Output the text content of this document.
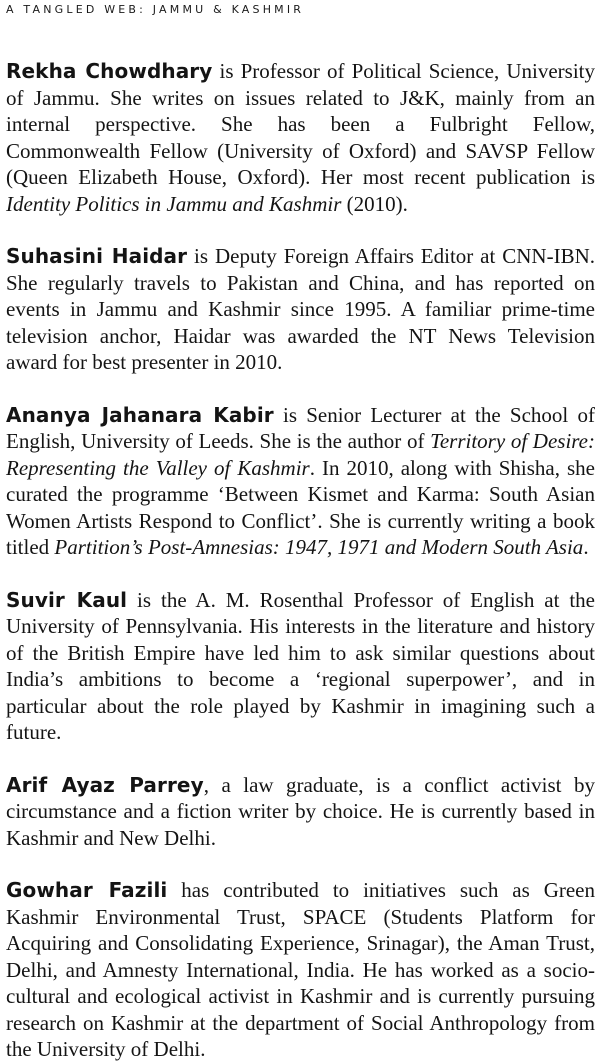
A TANGLED WEB: JAMMU & KASHMIR

Rekha Chowdhary is Professor of Political Science, University of Jammu. She writes on issues related to J&K, mainly from an internal perspective. She has been a Fulbright Fellow, Commonwealth Fellow (University of Oxford) and SAVSP Fellow (Queen Elizabeth House, Oxford). Her most recent publication is Identity Politics in Jammu and Kashmir (2010).

Suhasini Haidar is Deputy Foreign Affairs Editor at CNN-IBN. She regularly travels to Pakistan and China, and has reported on events in Jammu and Kashmir since 1995. A familiar prime-time television anchor, Haidar was awarded the NT News Television award for best presenter in 2010.

Ananya Jahanara Kabir is Senior Lecturer at the School of English, University of Leeds. She is the author of Territory of Desire: Representing the Valley of Kashmir. In 2010, along with Shisha, she curated the programme ‘Between Kismet and Karma: South Asian Women Artists Respond to Conflict’. She is currently writing a book titled Partition’s Post-Amnesias: 1947, 1971 and Modern South Asia.

Suvir Kaul is the A. M. Rosenthal Professor of English at the University of Pennsylvania. His interests in the literature and history of the British Empire have led him to ask similar questions about India’s ambitions to become a ‘regional superpower’, and in particular about the role played by Kashmir in imagining such a future.

Arif Ayaz Parrey, a law graduate, is a conflict activist by circumstance and a fiction writer by choice. He is currently based in Kashmir and New Delhi.

Gowhar Fazili has contributed to initiatives such as Green Kashmir Environmental Trust, SPACE (Students Platform for Acquiring and Consolidating Experience, Srinagar), the Aman Trust, Delhi, and Amnesty International, India. He has worked as a socio-cultural and ecological activist in Kashmir and is currently pursuing research on Kashmir at the department of Social Anthropology from the University of Delhi.
